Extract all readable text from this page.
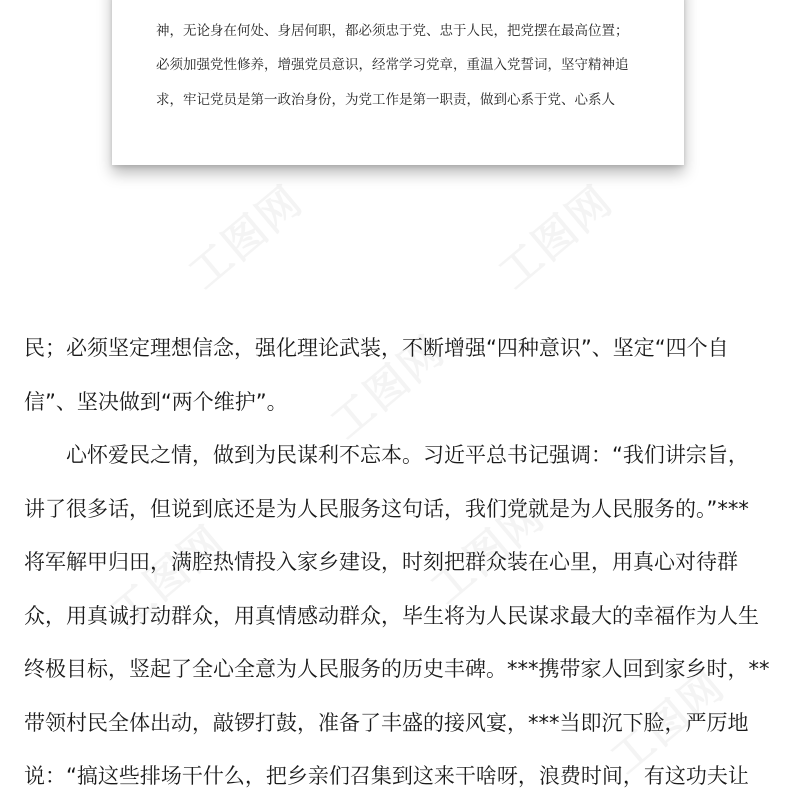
神，无论身在何处、身居何职，都必须忠于党、忠于人民，把党摆在最高位置；
必须加强党性修养，增强党员意识，经常学习党章，重温入党誓词，坚守精神追
求，牢记党员是第一政治身份，为党工作是第一职责，做到心系于党、心系人
民；必须坚定理想信念，强化理论武装，不断增强“四种意识”、坚定“四个自
信”、坚决做到“两个维护”。
　　心怀爱民之情，做到为民谋利不忘本。习近平总书记强调：“我们讲宗旨，
讲了很多话，但说到底还是为人民服务这句话，我们党就是为人民服务的。”***
将军解甲归田，满腔热情投入家乡建设，时刻把群众装在心里，用真心对待群
众，用真诚打动群众，用真情感动群众，毕生将为人民谋求最大的幸福作为人生
终极目标，竖起了全心全意为人民服务的历史丰碑。***携带家人回到家乡时，**
带领村民全体出动，敲锣打鼓，准备了丰盛的接风宴，***当即沉下脸，严厉地
说：“搞这些排场干什么，把乡亲们召集到这来干啥呀，浪费时间，有这功夫让
